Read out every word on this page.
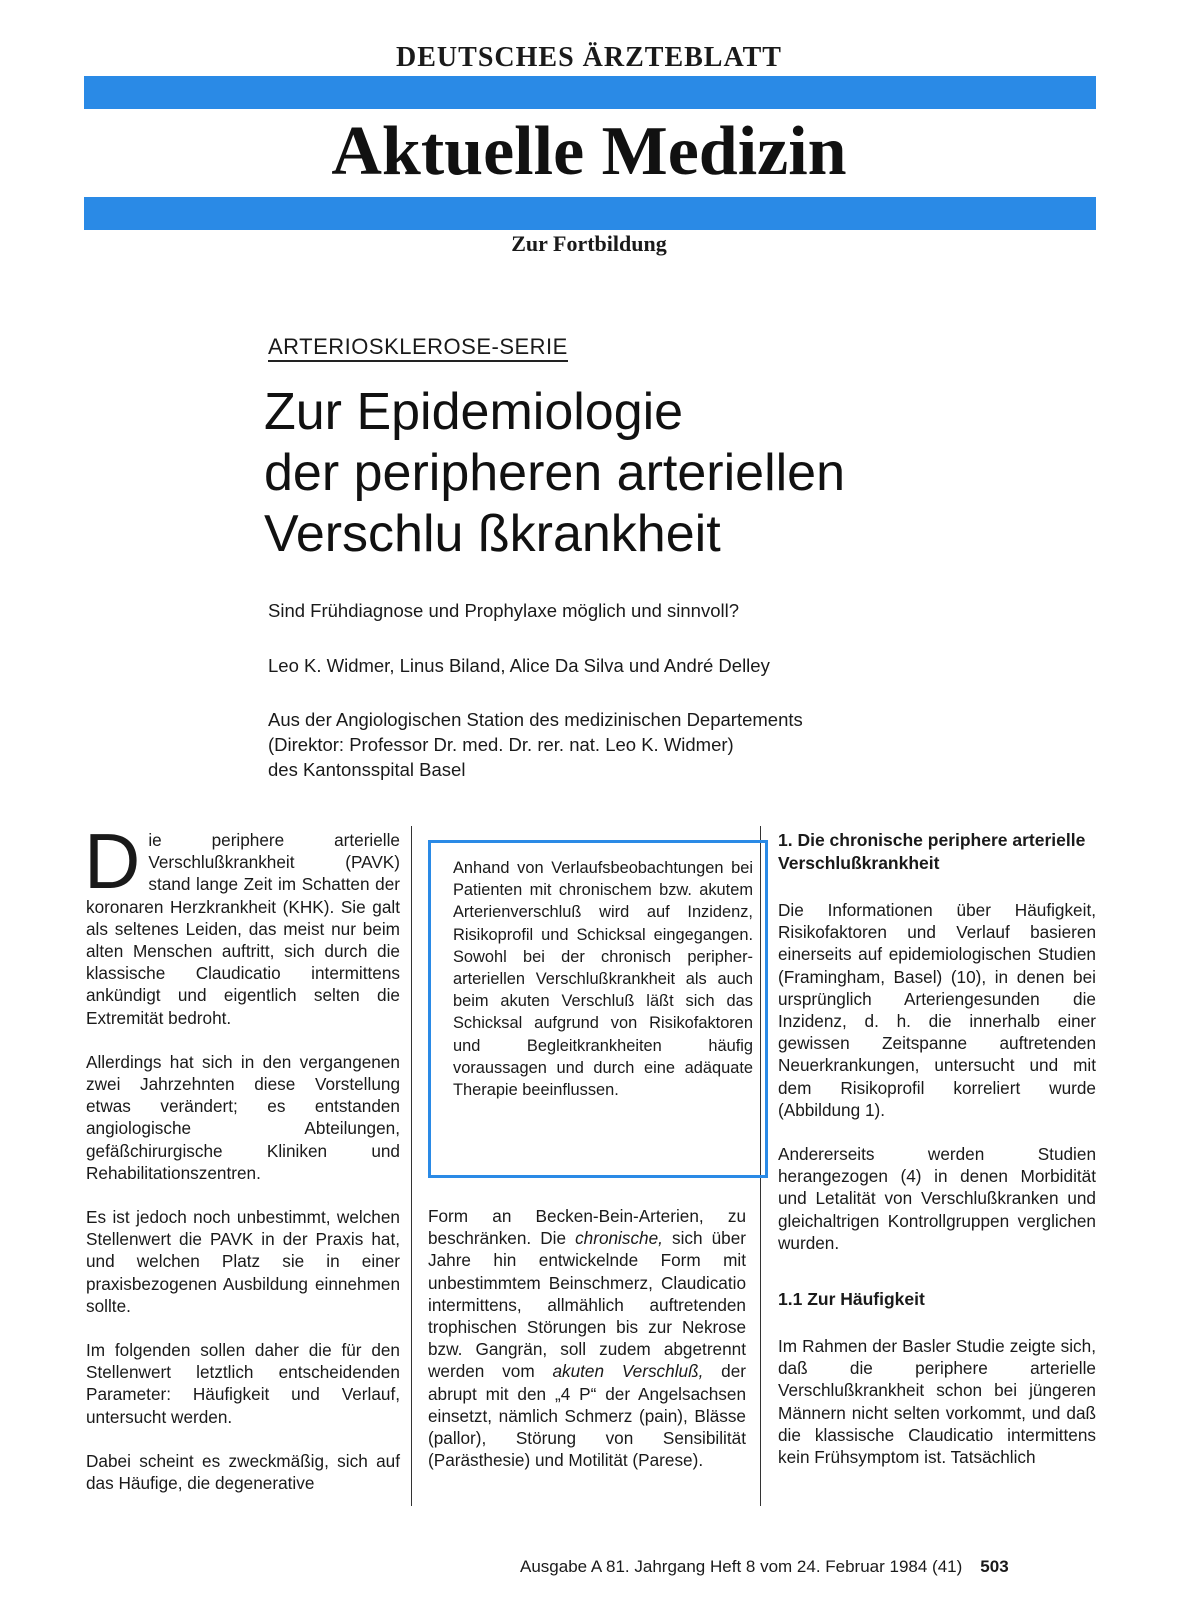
DEUTSCHES ÄRZTEBLATT
Aktuelle Medizin
Zur Fortbildung
ARTERIOSKLEROSE-SERIE
Zur Epidemiologie
der peripheren arteriellen
Verschlu ßkrankheit
Sind Frühdiagnose und Prophylaxe möglich und sinnvoll?
Leo K. Widmer, Linus Biland, Alice Da Silva und André Delley
Aus der Angiologischen Station des medizinischen Departements
(Direktor: Professor Dr. med. Dr. rer. nat. Leo K. Widmer)
des Kantonsspital Basel

Die periphere arterielle Verschlußkrankheit (PAVK) stand lange Zeit im Schatten der koronaren Herzkrankheit (KHK). Sie galt als seltenes Leiden, das meist nur beim alten Menschen auftritt, sich durch die klassische Claudicatio intermittens ankündigt und eigentlich selten die Extremität bedroht.

Allerdings hat sich in den vergangenen zwei Jahrzehnten diese Vorstellung etwas verändert; es entstanden angiologische Abteilungen, gefäßchirurgische Kliniken und Rehabilitationszentren.

Es ist jedoch noch unbestimmt, welchen Stellenwert die PAVK in der Praxis hat, und welchen Platz sie in einer praxisbezogenen Ausbildung einnehmen sollte.

Im folgenden sollen daher die für den Stellenwert letztlich entscheidenden Parameter: Häufigkeit und Verlauf, untersucht werden.

Dabei scheint es zweckmäßig, sich auf das Häufige, die degenerative

Anhand von Verlaufsbeobachtungen bei Patienten mit chronischem bzw. akutem Arterienverschluß wird auf Inzidenz, Risikoprofil und Schicksal eingegangen. Sowohl bei der chronisch peripher-arteriellen Verschlußkrankheit als auch beim akuten Verschluß läßt sich das Schicksal aufgrund von Risikofaktoren und Begleitkrankheiten häufig voraussagen und durch eine adäquate Therapie beeinflussen.

Form an Becken-Bein-Arterien, zu beschränken. Die chronische, sich über Jahre hin entwickelnde Form mit unbestimmtem Beinschmerz, Claudicatio intermittens, allmählich auftretenden trophischen Störungen bis zur Nekrose bzw. Gangrän, soll zudem abgetrennt werden vom akuten Verschluß, der abrupt mit den „4 P“ der Angelsachsen einsetzt, nämlich Schmerz (pain), Blässe (pallor), Störung von Sensibilität (Parästhesie) und Motilität (Parese).

1. Die chronische periphere arterielle Verschlußkrankheit

Die Informationen über Häufigkeit, Risikofaktoren und Verlauf basieren einerseits auf epidemiologischen Studien (Framingham, Basel) (10), in denen bei ursprünglich Arteriengesunden die Inzidenz, d. h. die innerhalb einer gewissen Zeitspanne auftretenden Neuerkrankungen, untersucht und mit dem Risikoprofil korreliert wurde (Abbildung 1).

Andererseits werden Studien herangezogen (4) in denen Morbidität und Letalität von Verschlußkranken und gleichaltrigen Kontrollgruppen verglichen wurden.

1.1 Zur Häufigkeit

Im Rahmen der Basler Studie zeigte sich, daß die periphere arterielle Verschlußkrankheit schon bei jüngeren Männern nicht selten vorkommt, und daß die klassische Claudicatio intermittens kein Frühsymptom ist. Tatsächlich

Ausgabe A 81. Jahrgang Heft 8 vom 24. Februar 1984 (41) 503
